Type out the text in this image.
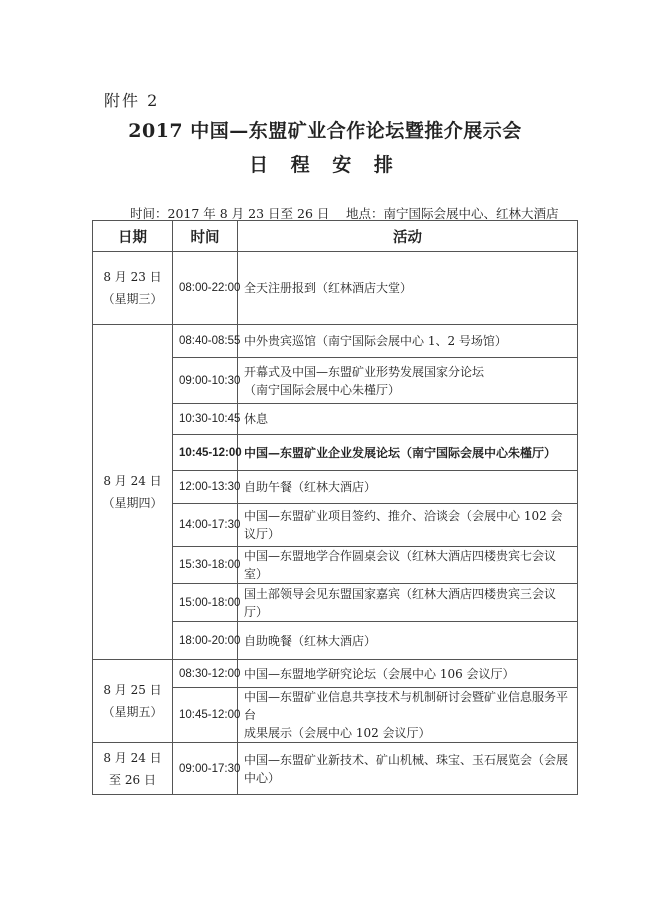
附件 2
2017 中国—东盟矿业合作论坛暨推介展示会
日 程 安 排
时间：2017 年 8 月 23 日至 26 日 地点：南宁国际会展中心、红林大酒店
日期	时间	活动

8 月 23 日
（星期三）	08:00-22:00	全天注册报到（红林酒店大堂）

8 月 24 日
（星期四）	08:40-08:55	中外贵宾巡馆（南宁国际会展中心 1、2 号场馆）

	09:00-10:30	开幕式及中国—东盟矿业形势发展国家分论坛
（南宁国际会展中心朱槿厅）

	10:30-10:45	休息

	10:45-12:00	中国—东盟矿业企业发展论坛（南宁国际会展中心朱槿厅）

	12:00-13:30	自助午餐（红林大酒店）

	14:00-17:30	中国—东盟矿业项目签约、推介、洽谈会（会展中心 102 会议厅）

	15:30-18:00	中国—东盟地学合作圆桌会议（红林大酒店四楼贵宾七会议室）

	15:00-18:00	国土部领导会见东盟国家嘉宾（红林大酒店四楼贵宾三会议厅）

	18:00-20:00	自助晚餐（红林大酒店）

8 月 25 日
（星期五）	08:30-12:00	中国—东盟地学研究论坛（会展中心 106 会议厅）

	10:45-12:00	中国—东盟矿业信息共享技术与机制研讨会暨矿业信息服务平台
成果展示（会展中心 102 会议厅）

8 月 24 日
至 26 日	09:00-17:30	中国—东盟矿业新技术、矿山机械、珠宝、玉石展览会（会展中心）
